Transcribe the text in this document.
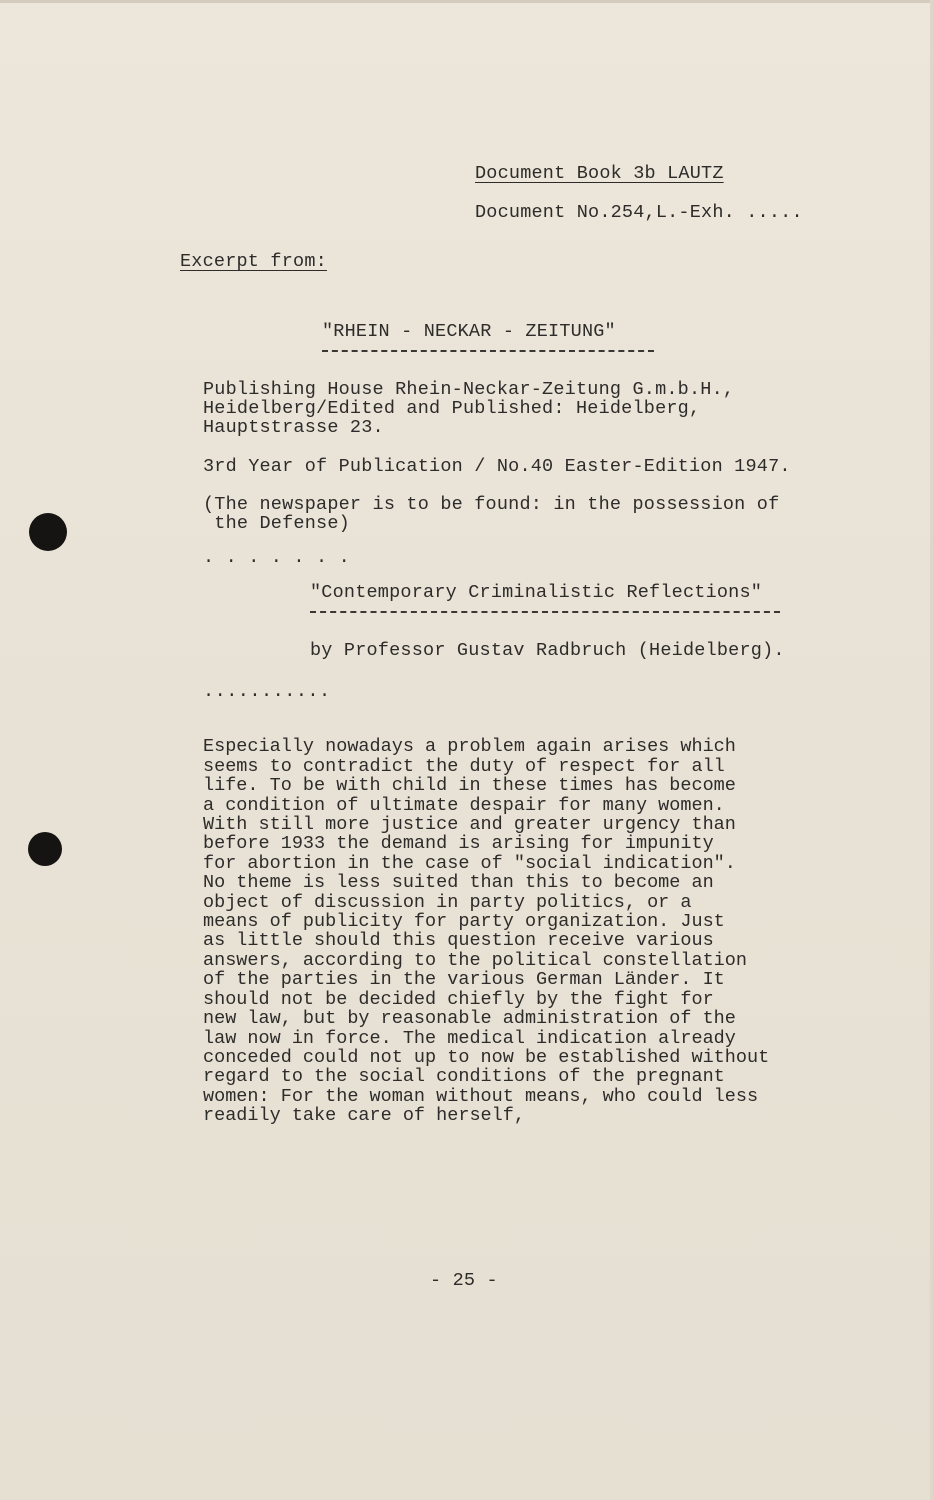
Document Book 3b LAUTZ
Document No.254,L.-Exh. .....
Excerpt from:
"RHEIN - NECKAR - ZEITUNG"
Publishing House Rhein-Neckar-Zeitung G.m.b.H.,
Heidelberg/Edited and Published: Heidelberg,
Hauptstrasse 23.
3rd Year of Publication / No.40 Easter-Edition 1947.
(The newspaper is to be found: in the possession of
the Defense)
. . . . . . .
"Contemporary Criminalistic Reflections"
by Professor Gustav Radbruch (Heidelberg).
...........

Especially nowadays a problem again arises which
seems to contradict the duty of respect for all
life. To be with child in these times has become
a condition of ultimate despair for many women.
With still more justice and greater urgency than
before 1933 the demand is arising for impunity
for abortion in the case of "social indication".
No theme is less suited than this to become an
object of discussion in party politics, or a
means of publicity for party organization. Just
as little should this question receive various
answers, according to the political constellation
of the parties in the various German Länder. It
should not be decided chiefly by the fight for
new law, but by reasonable administration of the
law now in force. The medical indication already
conceded could not up to now be established without
regard to the social conditions of the pregnant
women: For the woman without means, who could less
readily take care of herself,

- 25 -
